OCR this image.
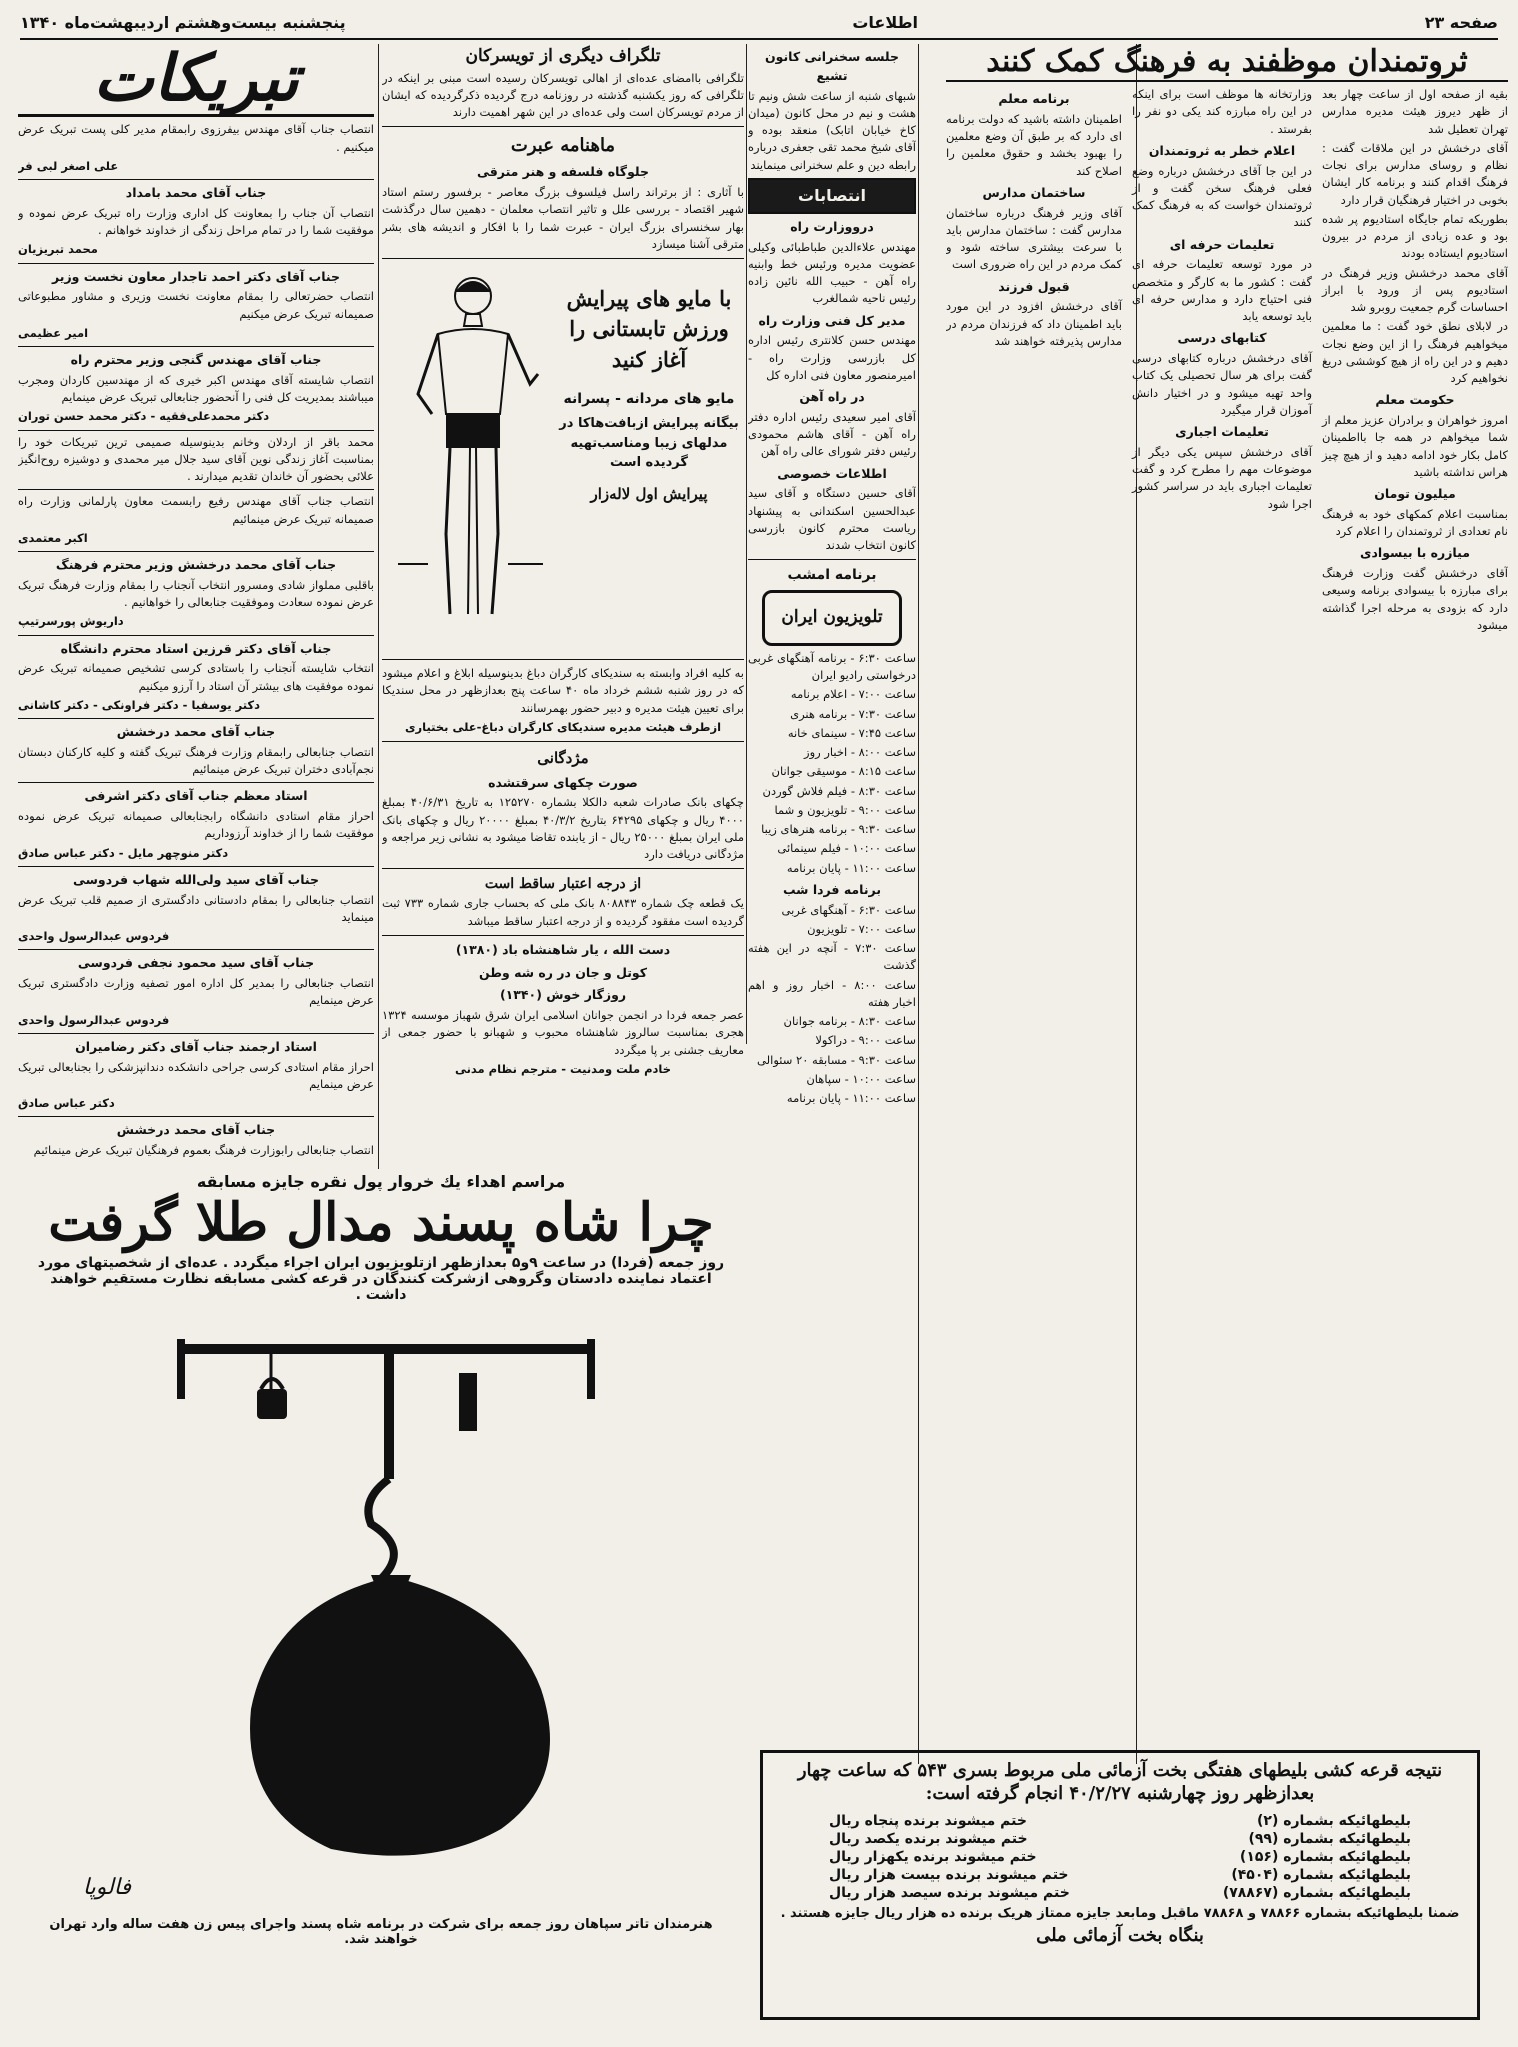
صفحه ۲۳
اطلاعات
پنجشنبه بیست‌وهشتم اردیبهشت‌ماه ۱۳۴۰
ثروتمندان موظفند به فرهنگ کمک کنند

بقیه از صفحه اول از ساعت چهار بعد از ظهر دیروز هیئت مدیره مدارس تهران تعطیل شد

آقای درخشش در این ملاقات گفت : نظام و روسای مدارس برای نجات فرهنگ اقدام کنند و برنامه کار ایشان بخوبی در اختیار فرهنگیان قرار دارد

بطوریکه تمام جایگاه استادیوم پر شده بود و عده زیادی از مردم در بیرون استادیوم ایستاده بودند

آقای محمد درخشش وزیر فرهنگ در استادیوم پس از ورود با ابراز احساسات گرم جمعیت روبرو شد

در لابلای نطق خود گفت : ما معلمین میخواهیم فرهنگ را از این وضع نجات دهیم و در این راه از هیچ کوششی دریغ نخواهیم کرد

حکومت معلم

امروز خواهران و برادران عزیز معلم از شما میخواهم در همه جا بااطمینان کامل بکار خود ادامه دهید و از هیچ چیز هراس نداشته باشید

میلیون تومان

بمناسبت اعلام کمکهای خود به فرهنگ نام تعدادی از ثروتمندان را اعلام کرد

میازره با بیسوادی

آقای درخشش گفت وزارت فرهنگ برای مبارزه با بیسوادی برنامه وسیعی دارد که بزودی به مرحله اجرا گذاشته میشود

وزارتخانه ها موظف است برای اینکه در این راه مبارزه کند یکی دو نفر را بفرستد .

اعلام خطر به ثروتمندان

در این جا آقای درخشش درباره وضع فعلی فرهنگ سخن گفت و از ثروتمندان خواست که به فرهنگ کمک کنند

تعلیمات حرفه ای

در مورد توسعه تعلیمات حرفه ای گفت : کشور ما به کارگر و متخصص فنی احتیاج دارد و مدارس حرفه ای باید توسعه یابد

کتابهای درسی

آقای درخشش درباره کتابهای درسی گفت برای هر سال تحصیلی یک کتاب واحد تهیه میشود و در اختیار دانش آموزان قرار میگیرد

تعلیمات اجباری

آقای درخشش سپس یکی دیگر از موضوعات مهم را مطرح کرد و گفت تعلیمات اجباری باید در سراسر کشور اجرا شود

برنامه معلم

اطمینان داشته باشید که دولت برنامه ای دارد که بر طبق آن وضع معلمین را بهبود بخشد و حقوق معلمین را اصلاح کند

ساختمان مدارس

آقای وزیر فرهنگ درباره ساختمان مدارس گفت : ساختمان مدارس باید با سرعت بیشتری ساخته شود و کمک مردم در این راه ضروری است

قبول فرزند

آقای درخشش افزود در این مورد باید اطمینان داد که فرزندان مردم در مدارس پذیرفته خواهند شد

جلسه سخنرانی کانون تشیع

شبهای شنبه از ساعت شش ونیم تا هشت و نیم در محل کانون (میدان کاخ خیابان اتابک) منعقد بوده و آقای شیخ محمد تقی جعفری درباره رابطه دین و علم سخنرانی مینمایند

انتصابات
درووزارت راه

مهندس علاءالدین طباطبائی وکیلی عضویت مدیره ورئیس خط وابنیه راه آهن - حبیب الله نائین زاده رئیس ناحیه شمالغرب

مدیر کل فنی وزارت راه

مهندس حسن کلانتری رئیس اداره کل بازرسی وزارت راه - امیرمنصور معاون فنی اداره کل

در راه آهن

آقای امیر سعیدی رئیس اداره دفتر راه آهن - آقای هاشم محمودی رئیس دفتر شورای عالی راه آهن

اطلاعات خصوصی

آقای حسین دستگاه و آقای سید عبدالحسین اسکندانی به پیشنهاد ریاست محترم کانون بازرسی کانون انتخاب شدند

برنامه امشب
تلویزیون ایران

ساعت ۶:۳۰ - برنامه آهنگهای غربی درخواستی رادیو ایران

ساعت ۷:۰۰ - اعلام برنامه

ساعت ۷:۳۰ - برنامه هنری

ساعت ۷:۴۵ - سینمای خانه

ساعت ۸:۰۰ - اخبار روز

ساعت ۸:۱۵ - موسیقی جوانان

ساعت ۸:۳۰ - فیلم فلاش گوردن

ساعت ۹:۰۰ - تلویزیون و شما

ساعت ۹:۳۰ - برنامه هنرهای زیبا

ساعت ۱۰:۰۰ - فیلم سینمائی

ساعت ۱۱:۰۰ - پایان برنامه

برنامه فردا شب

ساعت ۶:۳۰ - آهنگهای غربی

ساعت ۷:۰۰ - تلویزیون

ساعت ۷:۳۰ - آنچه در این هفته گذشت

ساعت ۸:۰۰ - اخبار روز و اهم اخبار هفته

ساعت ۸:۳۰ - برنامه جوانان

ساعت ۹:۰۰ - دراکولا

ساعت ۹:۳۰ - مسابقه ۲۰ سئوالی

ساعت ۱۰:۰۰ - سپاهان

ساعت ۱۱:۰۰ - پایان برنامه

تلگراف دیگری از تویسرکان

تلگرافی باامضای عده‌ای از اهالی تویسرکان رسیده است مبنی بر اینکه در تلگرافی که روز یکشنبه گذشته در روزنامه درج گردیده ذکرگردیده که ایشان از مردم تویسرکان است ولی عده‌ای در این شهر اهمیت دارند

ماهنامه عبرت
جلوگاه فلسفه و هنر مترقی

با آثاری : از برتراند راسل فیلسوف بزرگ معاصر - برفسور رستم استاد شهیر اقتصاد - بررسی علل و تاثیر انتصاب معلمان - دهمین سال درگذشت بهار سخنسرای بزرگ ایران - عبرت شما را با افکار و اندیشه های بشر مترقی آشنا میسازد

با مایو های پیرایش ورزش تابستانی را آغاز کنید
مایو های مردانه - پسرانه
بیگانه پیرایش ازبافت‌هاکا در مدلهای زیبا ومناسب‌تهیه گردیده است
پیرایش اول لاله‌زار

به کلیه افراد وابسته به سندیکای کارگران دباغ بدینوسیله ابلاغ و اعلام میشود که در روز شنبه ششم خرداد ماه ۴۰ ساعت پنج بعدازظهر در محل سندیکا برای تعیین هیئت مدیره و دبیر حضور بهمرسانند

ازطرف هیئت مدیره سندیکای کارگران دباغ-علی بختیاری

مژدگانی
صورت چکهای سرقتشده

چکهای بانک صادرات شعبه دالکلا بشماره ۱۲۵۲۷۰ به تاریخ ۴۰/۶/۳۱ بمبلغ ۴۰۰۰ ریال و چکهای ۶۴۲۹۵ بتاریخ ۴۰/۳/۲ بمبلغ ۲۰۰۰۰ ریال و چکهای بانک ملی ایران بمبلغ ۲۵۰۰۰ ریال - از یابنده تقاضا میشود به نشانی زیر مراجعه و مژدگانی دریافت دارد

از درجه اعتبار ساقط است

یک قطعه چک شماره ۸۰۸۸۴۳ بانک ملی که بحساب جاری شماره ۷۳۳ ثبت گردیده است مفقود گردیده و از درجه اعتبار ساقط میباشد

دست الله ، یار شاهنشاه باد (۱۳۸۰)
کوتل و جان در ره شه وطن
روزگار خوش (۱۳۴۰)

عصر جمعه فردا در انجمن جوانان اسلامی ایران شرق شهباز موسسه ۱۳۲۴ هجری بمناسبت سالروز شاهنشاه محبوب و شهبانو با حضور جمعی از معاریف جشنی بر پا میگردد

خادم ملت ومدنیت - مترجم نظام مدنی

تبریکات

انتصاب جناب آقای مهندس بیفرزوی رابمقام مدیر کلی پست تبریک عرض میکنیم .

علی اصغر لبی فر

جناب آقای محمد بامداد

انتصاب آن جناب را بمعاونت کل اداری وزارت راه تبریک عرض نموده و موفقیت شما را در تمام مراحل زندگی از خداوند خواهانم .

محمد تبریزیان

جناب آقای دکتر احمد تاجدار معاون نخست وزیر

انتصاب حضرتعالی را بمقام معاونت نخست وزیری و مشاور مطبوعاتی صمیمانه تبریک عرض میکنیم

امیر عظیمی

جناب آقای مهندس گنجی وزیر محترم راه

انتصاب شایسته آقای مهندس اکبر خیری که از مهندسین کاردان ومجرب میباشند بمدیریت کل فنی را آنحضور جنابعالی تبریک عرض مینمایم

دکتر محمدعلی‌فقیه - دکتر محمد حسن توران

محمد باقر از اردلان وخانم بدینوسیله صمیمی ترین تبریکات خود را بمناسبت آغاز زندگی نوین آقای سید جلال میر محمدی و دوشیزه روح‌انگیز علائی بحضور آن خاندان تقدیم میدارند .

انتصاب جناب آقای مهندس رفیع رابسمت معاون پارلمانی وزارت راه صمیمانه تبریک عرض مینمائیم

اکبر معتمدی

جناب آقای محمد درخشش وزیر محترم فرهنگ

باقلبی مملواز شادی ومسرور انتخاب آنجناب را بمقام وزارت فرهنگ تبریک عرض نموده سعادت وموفقیت جنابعالی را خواهانیم .

داریوش پورسرتیپ

جناب آقای دکتر قرزین استاد محترم دانشگاه

انتخاب شایسته آنجناب را باستادی کرسی تشخیص صمیمانه تبریک عرض نموده موفقیت های بیشتر آن استاد را آرزو میکنیم

دکتر یوسفیا - دکتر فراونکی - دکتر کاشانی

جناب آقای محمد درخشش

انتصاب جنابعالی رابمقام وزارت فرهنگ تبریک گفته و کلیه کارکنان دبستان نجم‌آبادی دختران تبریک عرض مینمائیم

استاد معظم جناب آقای دکتر اشرفی

احراز مقام استادی دانشگاه رابجنابعالی صمیمانه تبریک عرض نموده موفقیت شما را از خداوند آرزوداریم

دکتر منوچهر مایل - دکتر عباس صادق

جناب آقای سید ولی‌الله شهاب فردوسی

انتصاب جنابعالی را بمقام دادستانی دادگستری از صمیم قلب تبریک عرض مینماید

فردوس عبدالرسول واحدی

جناب آقای سید محمود نجفی فردوسی

انتصاب جنابعالی را بمدیر کل اداره امور تصفیه وزارت دادگستری تبریک عرض مینمایم

فردوس عبدالرسول واحدی

استاد ارجمند جناب آقای دکتر رضامیران

احراز مقام استادی کرسی جراحی دانشکده دندانپزشکی را بجنابعالی تبریک عرض مینمایم

دکتر عباس صادق

جناب آقای محمد درخشش

انتصاب جنابعالی رابوزارت فرهنگ بعموم فرهنگیان تبریک عرض مینمائیم

مراسم اهداء یك خروار پول نقره جایزه مسابقه
چرا شاه پسند مدال طلا گرفت

روز جمعه (فردا) در ساعت ۹و۵ بعدازظهر ازتلویزیون ایران اجراء میگردد . عده‌ای از شخصیتهای مورد اعتماد نماینده دادستان وگروهی ازشرکت کنندگان در قرعه کشی مسابقه نظارت مستقیم خواهند داشت .

فالوپا

هنرمندان تاتر سپاهان روز جمعه برای شرکت در برنامه شاه پسند واجرای پیس زن هفت ساله وارد تهران خواهند شد.

نتیجه قرعه کشی بلیطهای هفتگی بخت آزمائی ملی مربوط بسری ۵۴۳ که ساعت چهار بعدازظهر روز چهارشنبه ۴۰/۲/۲۷ انجام گرفته است:
بلیطهائیکه بشماره (۲)
ختم میشوند برنده پنجاه ریال
بلیطهائیکه بشماره (۹۹)
ختم میشوند برنده یکصد ریال
بلیطهائیکه بشماره (۱۵۶)
ختم میشوند برنده یکهزار ریال
بلیطهائیکه بشماره (۴۵۰۴)
ختم میشوند برنده بیست هزار ریال
بلیطهائیکه بشماره (۷۸۸۶۷)
ختم میشوند برنده سیصد هزار ریال

ضمنا بلیطهائیکه بشماره ۷۸۸۶۶ و ۷۸۸۶۸ ماقبل ومابعد جایزه ممتاز هریک برنده ده هزار ریال جایزه هستند .

بنگاه بخت آزمائی ملی
